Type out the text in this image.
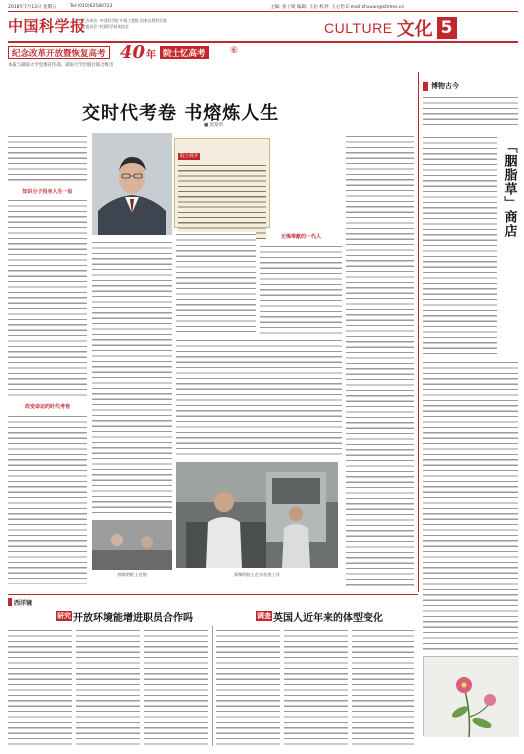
2018年7月13日 星期五	Tel:(010)62580723	主编: 张子锁 编辑: 王岩 校对: 王心怡 E-mail:zhxuan@stimes.cn
中国科学报
主办单位: 中国科学院 中国工程院 国家自然科学基金委员会 中国科学技术协会	CULTURE 文化 5
纪念改革开放暨恢复高考 40 年 院士忆高考	⑥
本报与湖南大学党委宣传部、湖南大学出版社联合推出
交时代考卷 书熔炼人生
■ 郭黎明
知识分子投身人生一站
改变命运的时代考卷
院士简介
无悔奉献的一代人
郭黎明院士在实验室工作
郭黎明院士近照
博物古今
「胭脂草」商店
西洋镜
研究 开放环境能增进职员合作吗	调查 英国人近年来的体型变化
